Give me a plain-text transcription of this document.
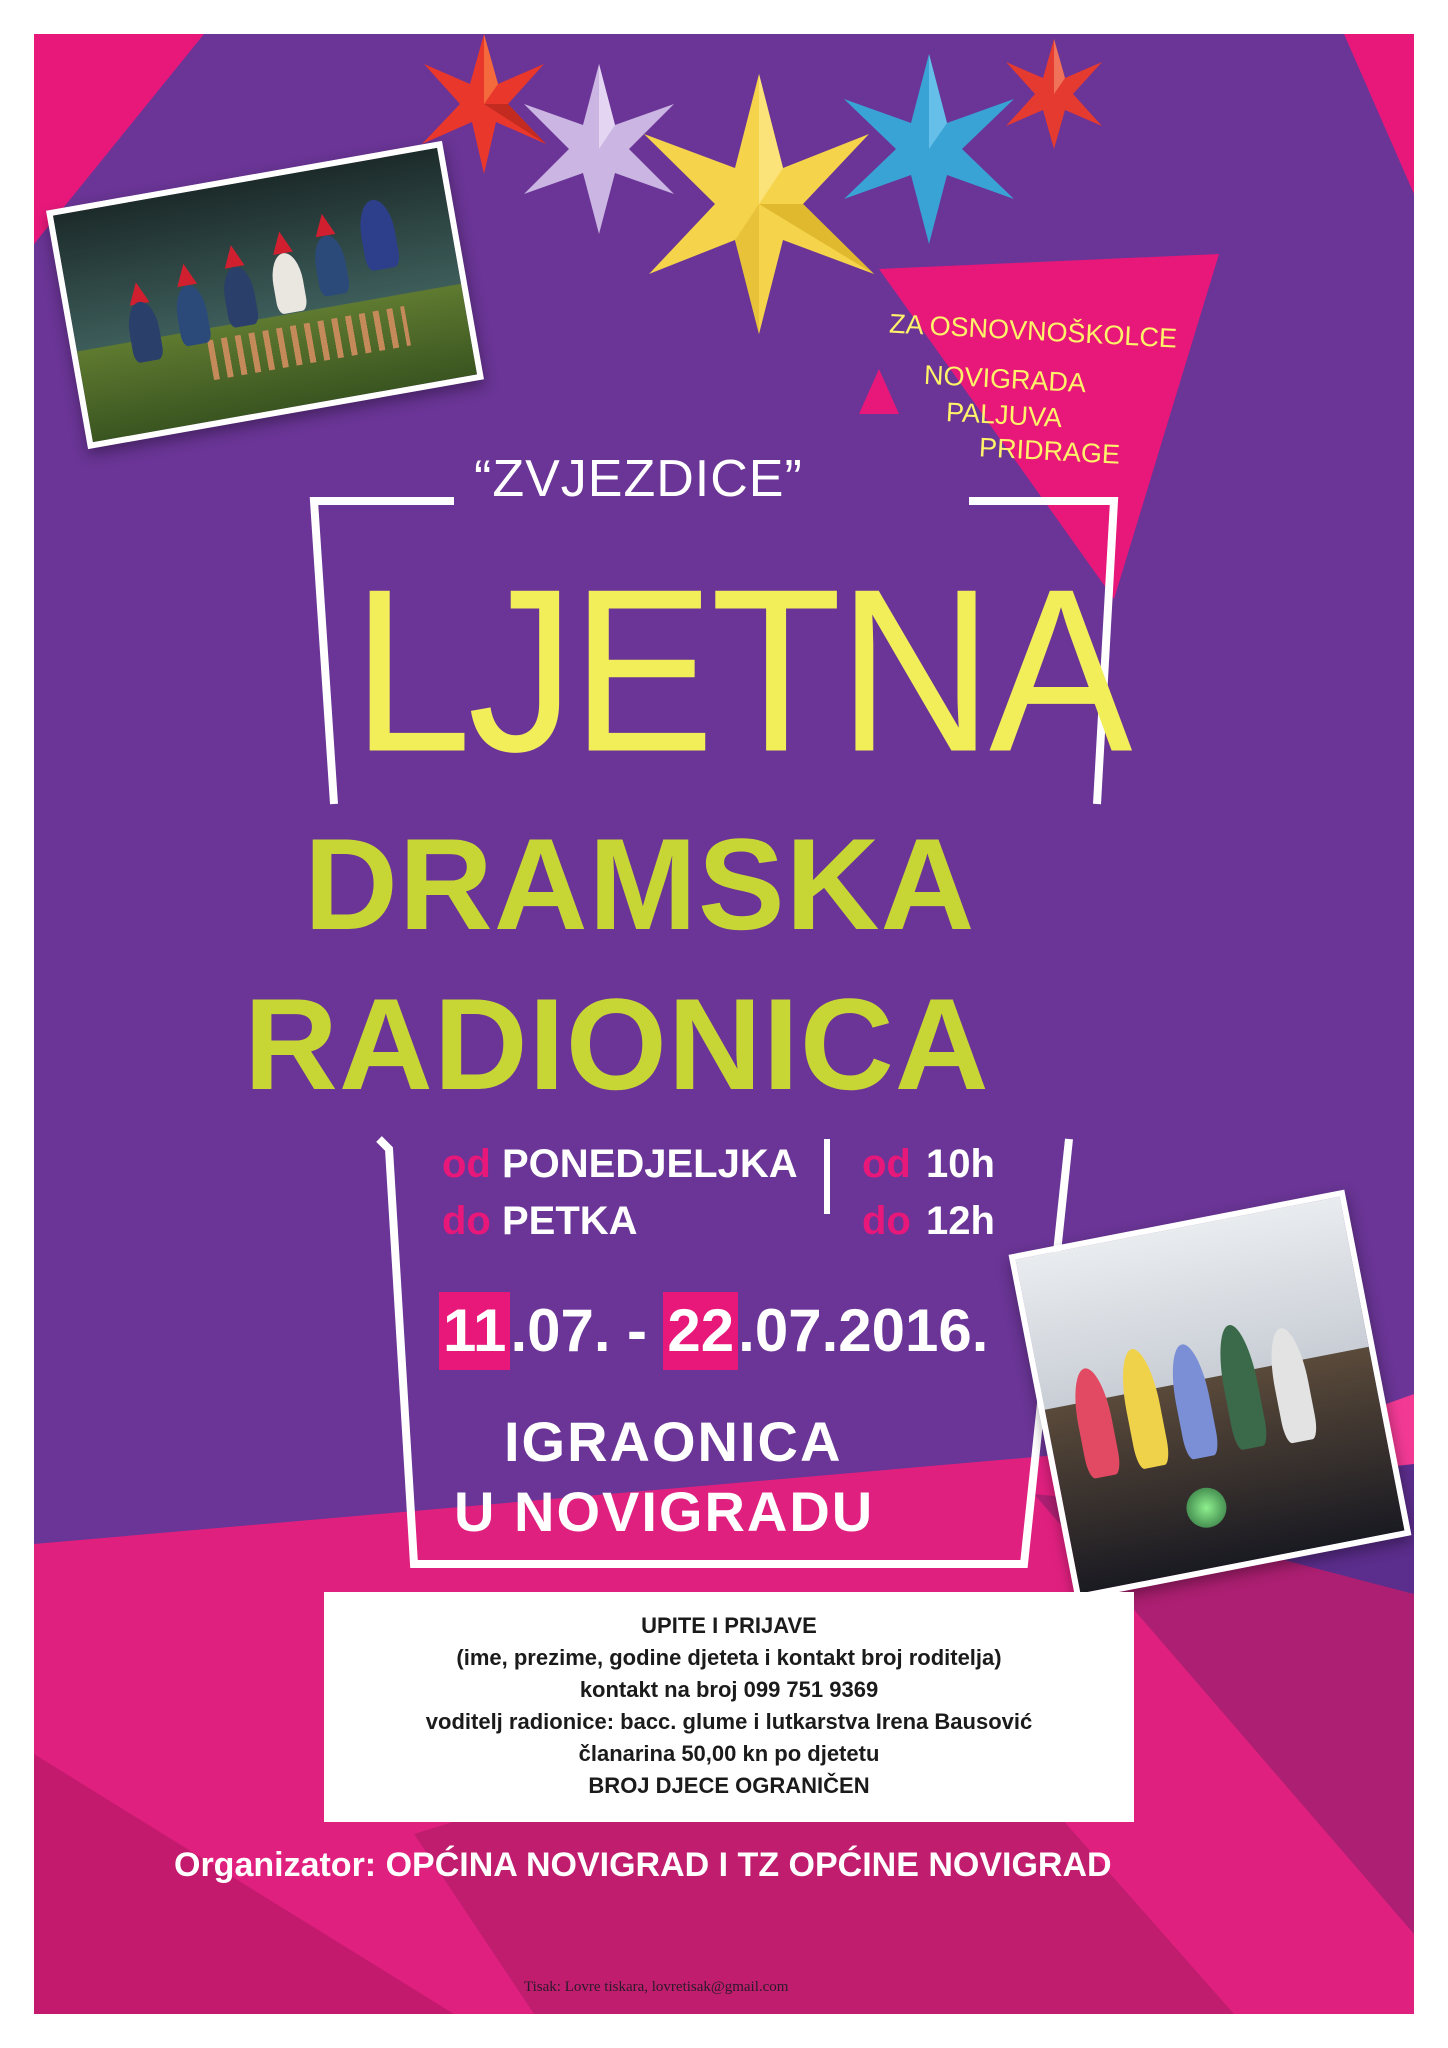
ZA OSNOVNOŠKOLCE
NOVIGRADA
PALJUVA
PRIDRAGE
“ZVJEZDICE”
LJETNA
DRAMSKA
RADIONICA
od PONEDJELJKA
do PETKA
od 10h
do 12h
11.07. - 22.07.2016.
IGRAONICA
U NOVIGRADU
UPITE I PRIJAVE
(ime, prezime, godine djeteta i kontakt broj roditelja)
kontakt na broj 099 751 9369
voditelj radionice: bacc. glume i lutkarstva Irena Bausović
članarina 50,00 kn po djetetu
BROJ DJECE OGRANIČEN
Organizator: OPĆINA NOVIGRAD I TZ OPĆINE NOVIGRAD
Tisak: Lovre tiskara, lovretisak@gmail.com
